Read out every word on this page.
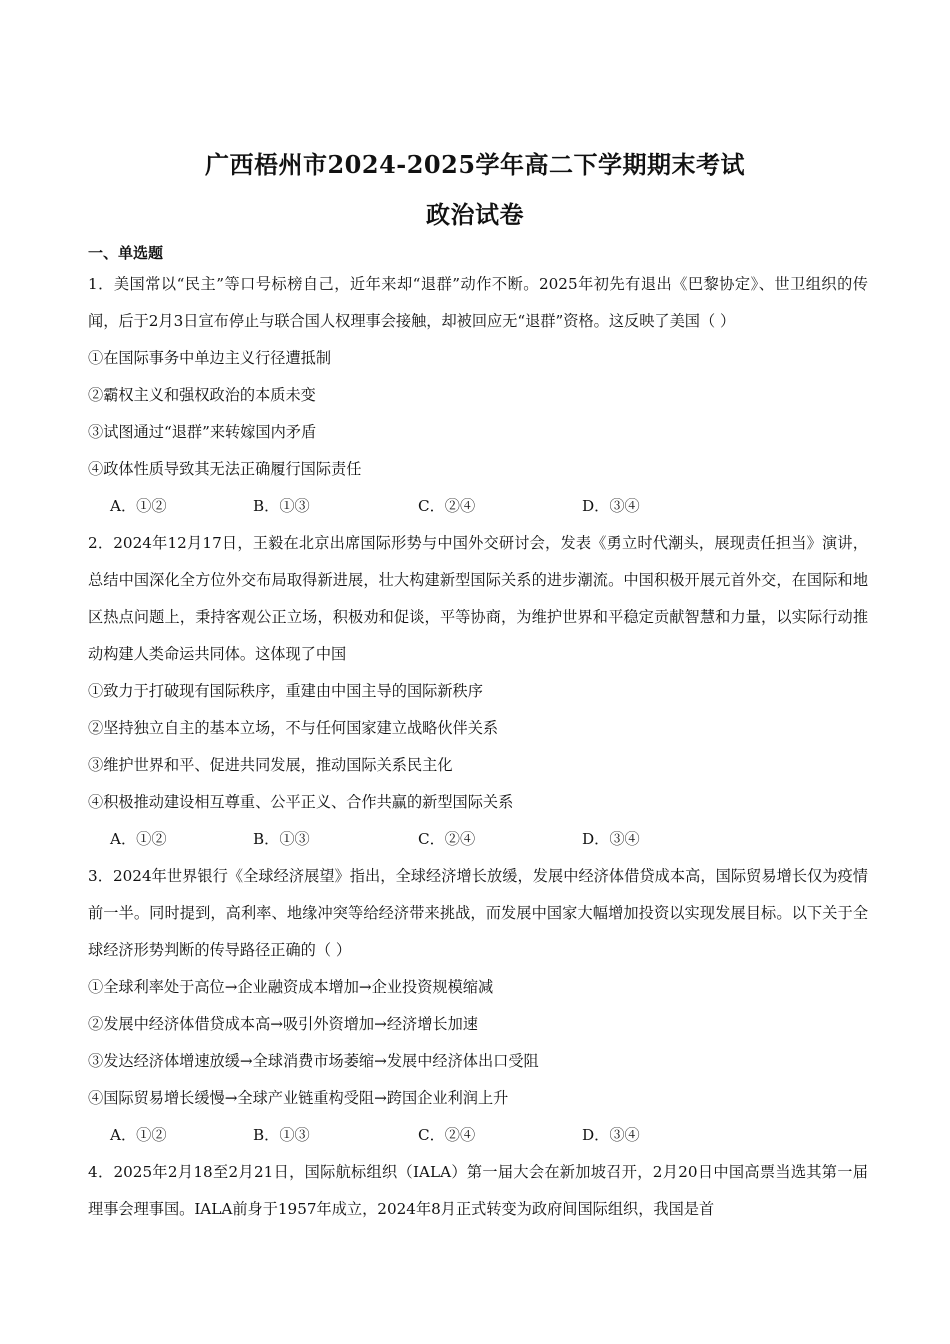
广西梧州市2024-2025学年高二下学期期末考试
政治试卷
一、单选题

1．美国常以“民主”等口号标榜自己，近年来却“退群”动作不断。2025年初先有退出《巴黎协定》、世卫组织的传闻，后于2月3日宣布停止与联合国人权理事会接触，却被回应无“退群”资格。这反映了美国（ ）

①在国际事务中单边主义行径遭抵制

②霸权主义和强权政治的本质未变

③试图通过“退群”来转嫁国内矛盾

④政体性质导致其无法正确履行国际责任

A．①②	B．①③	C．②④	D．③④

2．2024年12月17日，王毅在北京出席国际形势与中国外交研讨会，发表《勇立时代潮头，展现责任担当》演讲，总结中国深化全方位外交布局取得新进展，壮大构建新型国际关系的进步潮流。中国积极开展元首外交，在国际和地区热点问题上，秉持客观公正立场，积极劝和促谈，平等协商，为维护世界和平稳定贡献智慧和力量，以实际行动推动构建人类命运共同体。这体现了中国

①致力于打破现有国际秩序，重建由中国主导的国际新秩序

②坚持独立自主的基本立场，不与任何国家建立战略伙伴关系

③维护世界和平、促进共同发展，推动国际关系民主化

④积极推动建设相互尊重、公平正义、合作共赢的新型国际关系

A．①②	B．①③	C．②④	D．③④

3．2024年世界银行《全球经济展望》指出，全球经济增长放缓，发展中经济体借贷成本高，国际贸易增长仅为疫情前一半。同时提到，高利率、地缘冲突等给经济带来挑战，而发展中国家大幅增加投资以实现发展目标。以下关于全球经济形势判断的传导路径正确的（ ）

①全球利率处于高位→企业融资成本增加→企业投资规模缩减

②发展中经济体借贷成本高→吸引外资增加→经济增长加速

③发达经济体增速放缓→全球消费市场萎缩→发展中经济体出口受阻

④国际贸易增长缓慢→全球产业链重构受阻→跨国企业利润上升

A．①②	B．①③	C．②④	D．③④

4．2025年2月18至2月21日，国际航标组织（IALA）第一届大会在新加坡召开，2月20日中国高票当选其第一届理事会理事国。IALA前身于1957年成立，2024年8月正式转变为政府间国际组织，我国是首
